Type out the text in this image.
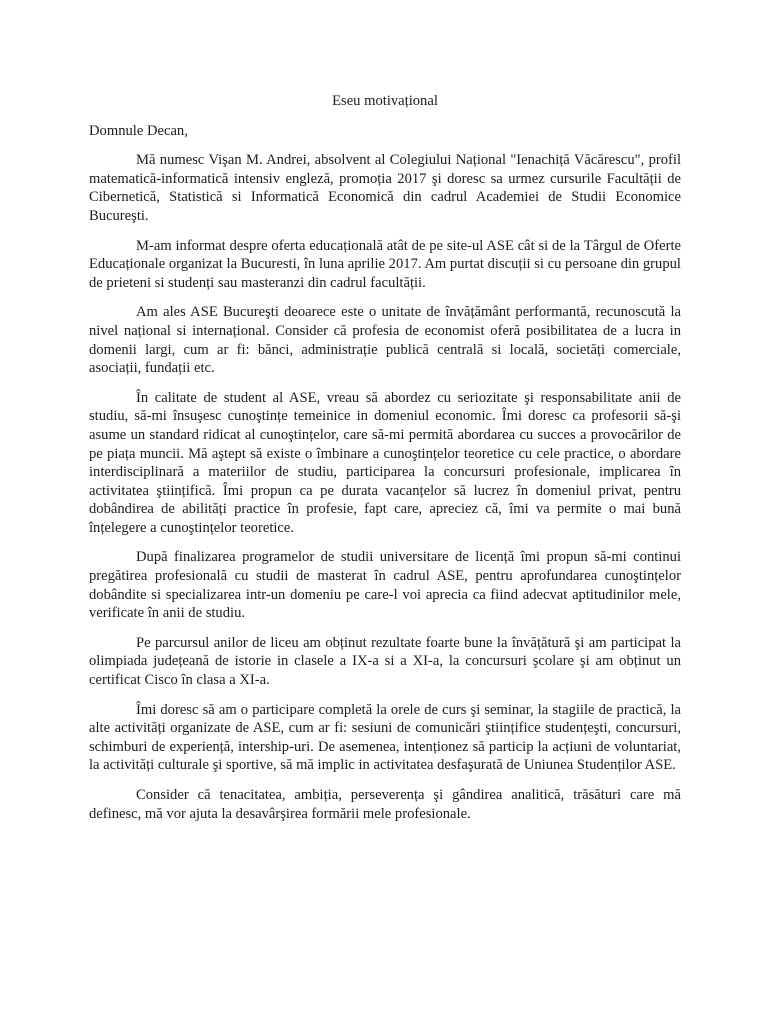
Eseu motivațional
Domnule Decan,

Mă numesc Vişan M. Andrei, absolvent al Colegiului Național "Ienachiță Văcărescu", profil matematică-informatică intensiv engleză, promoția 2017 şi doresc sa urmez cursurile Facultății de Cibernetică, Statistică si Informatică Economică din cadrul Academiei de Studii Economice Bucureşti.

M-am informat despre oferta educațională atât de pe site-ul ASE cât si de la Târgul de Oferte Educaționale organizat la Bucuresti, în luna aprilie 2017. Am purtat discuții si cu persoane din grupul de prieteni si studenți sau masteranzi din cadrul facultății.

Am ales ASE Bucureşti deoarece este o unitate de învățământ performantă, recunoscută la nivel național si internațional. Consider că profesia de economist oferă posibilitatea de a lucra in domenii largi, cum ar fi: bănci, administrație publică centrală si locală, societăți comerciale, asociații, fundații etc.

În calitate de student al ASE, vreau să abordez cu seriozitate şi responsabilitate anii de studiu, să-mi însuşesc cunoştințe temeinice in domeniul economic. Îmi doresc ca profesorii să-şi asume un standard ridicat al cunoştințelor, care să-mi permită abordarea cu succes a provocărilor de pe piața muncii. Mă aştept să existe o îmbinare a cunoştințelor teoretice cu cele practice, o abordare interdisciplinară a materiilor de studiu, participarea la concursuri profesionale, implicarea în activitatea ştiințifică. Îmi propun ca pe durata vacanțelor să lucrez în domeniul privat, pentru dobândirea de abilități practice în profesie, fapt care, apreciez că, îmi va permite o mai bună înțelegere a cunoştințelor teoretice.

După finalizarea programelor de studii universitare de licență îmi propun să-mi continui pregătirea profesională cu studii de masterat în cadrul ASE, pentru aprofundarea cunoştințelor dobândite si specializarea intr-un domeniu pe care-l voi aprecia ca fiind adecvat aptitudinilor mele, verificate în anii de studiu.

Pe parcursul anilor de liceu am obținut rezultate foarte bune la învățătură şi am participat la olimpiada județeană de istorie in clasele a IX-a si a XI-a, la concursuri şcolare şi am obținut un certificat Cisco în clasa a XI-a.

Îmi doresc să am o participare completă la orele de curs şi seminar, la stagiile de practică, la alte activități organizate de ASE, cum ar fi: sesiuni de comunicări ştiințifice studențeşti, concursuri, schimburi de experiență, intership-uri. De asemenea, intenționez să particip la acțiuni de voluntariat, la activități culturale şi sportive, să mă implic in activitatea desfaşurată de Uniunea Studenților ASE.

Consider că tenacitatea, ambiția, perseverența şi gândirea analitică, trăsături care mă definesc, mă vor ajuta la desavârşirea formării mele profesionale.
